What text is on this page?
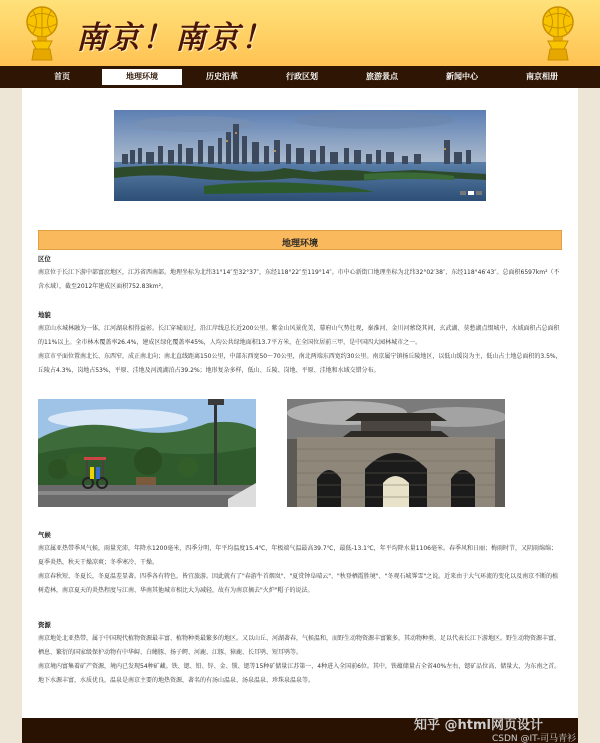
南京！南京！
首页	地理环境	历史沿革	行政区划	旅游景点	新闻中心	南京相册
地理环境
区位
南京位于长江下游中部富庶地区，江苏省西南部。地理坐标为北纬31°14″至32°37″，东经118°22″至119°14″。市中心新街口地理坐标为北纬32°02′38″、东经118°46′43″。总面积6597km²（不含水域），截至2012年建成区面积752.83km²。
地貌
南京山水城林融为一体，江河湖泉相得益彰。长江穿城而过，沿江岸线总长近200公里。紫金山风景优美，幕府山气势壮观，秦淮河、金川河萦绕其间，玄武湖、莫愁湖点缀城中，水域面积占总面积的11%以上。全市林木覆盖率26.4%，建成区绿化覆盖率45%，人均公共绿地面积13.7平方米，在全国位居前三甲，是中国四大园林城市之一。
南京市平面位置南北长、东西窄，成正南北向；南北直线距离150公里，中部东西宽50～70公里，南北两端东西宽约30公里。南京属宁镇扬丘陵地区，以低山缓岗为主，低山占土地总面积的3.5%，丘陵占4.3%，岗地占53%，平原、洼地及河流湖泊占39.2%；地形复杂多样，低山、丘陵、岗地、平原、洼地和水域交错分布。
气候
南京属亚热带季风气候，雨量充沛，年降水1200毫米，四季分明，年平均温度15.4℃，年极端气温最高39.7℃，最低-13.1℃，年平均降水量1106毫米。春季风和日丽；梅雨时节，又阴雨绵绵；夏季炎热，秋天干燥凉爽；冬季寒冷、干燥。
南京春秋短、冬夏长，冬夏温差显著。四季各有特色，皆宜旅游。因此就有了"春游牛首烟岚"、"夏赏钟阜晴云"、"秋登栖霞胜境"、"冬观石城霁雪"之说。近来由于大气环流的变化以及南京不断的植树造林，南京夏天的炎热程度与江南、华南其他城市相比大为减轻，故有为南京摘去"火炉"帽子的说法。
资源
南京地处北亚热带，属于中国现代植物资源最丰富、植物种类最繁多的地区。又以山丘、河湖著春，气候温和，而野生动物资源丰富繁多，其动物种类、足以代表长江下游地区。野生动物资源丰富，栖息、繁衍的国家级保护动物有中华鲟、白鳍豚、扬子鳄、河鹿、江豚、獐鹿、长耳鸮、短耳鸮等。
南京境内富集着矿产资源，境内已发现54种矿藏。铁、锶、铅、锌、金、锁、锶等15种矿储量江苏第一，4种进入全国前6位。其中，铁蕴储量占全省40%左右，锶矿品位高、储量大，为东南之首。地下水源丰富，水质优良，温泉是南京主要的地热资源，著名的有汤山温泉、汤泉温泉、珍珠泉温泉等。
知乎 @html网页设计
CSDN @IT-司马青衫
